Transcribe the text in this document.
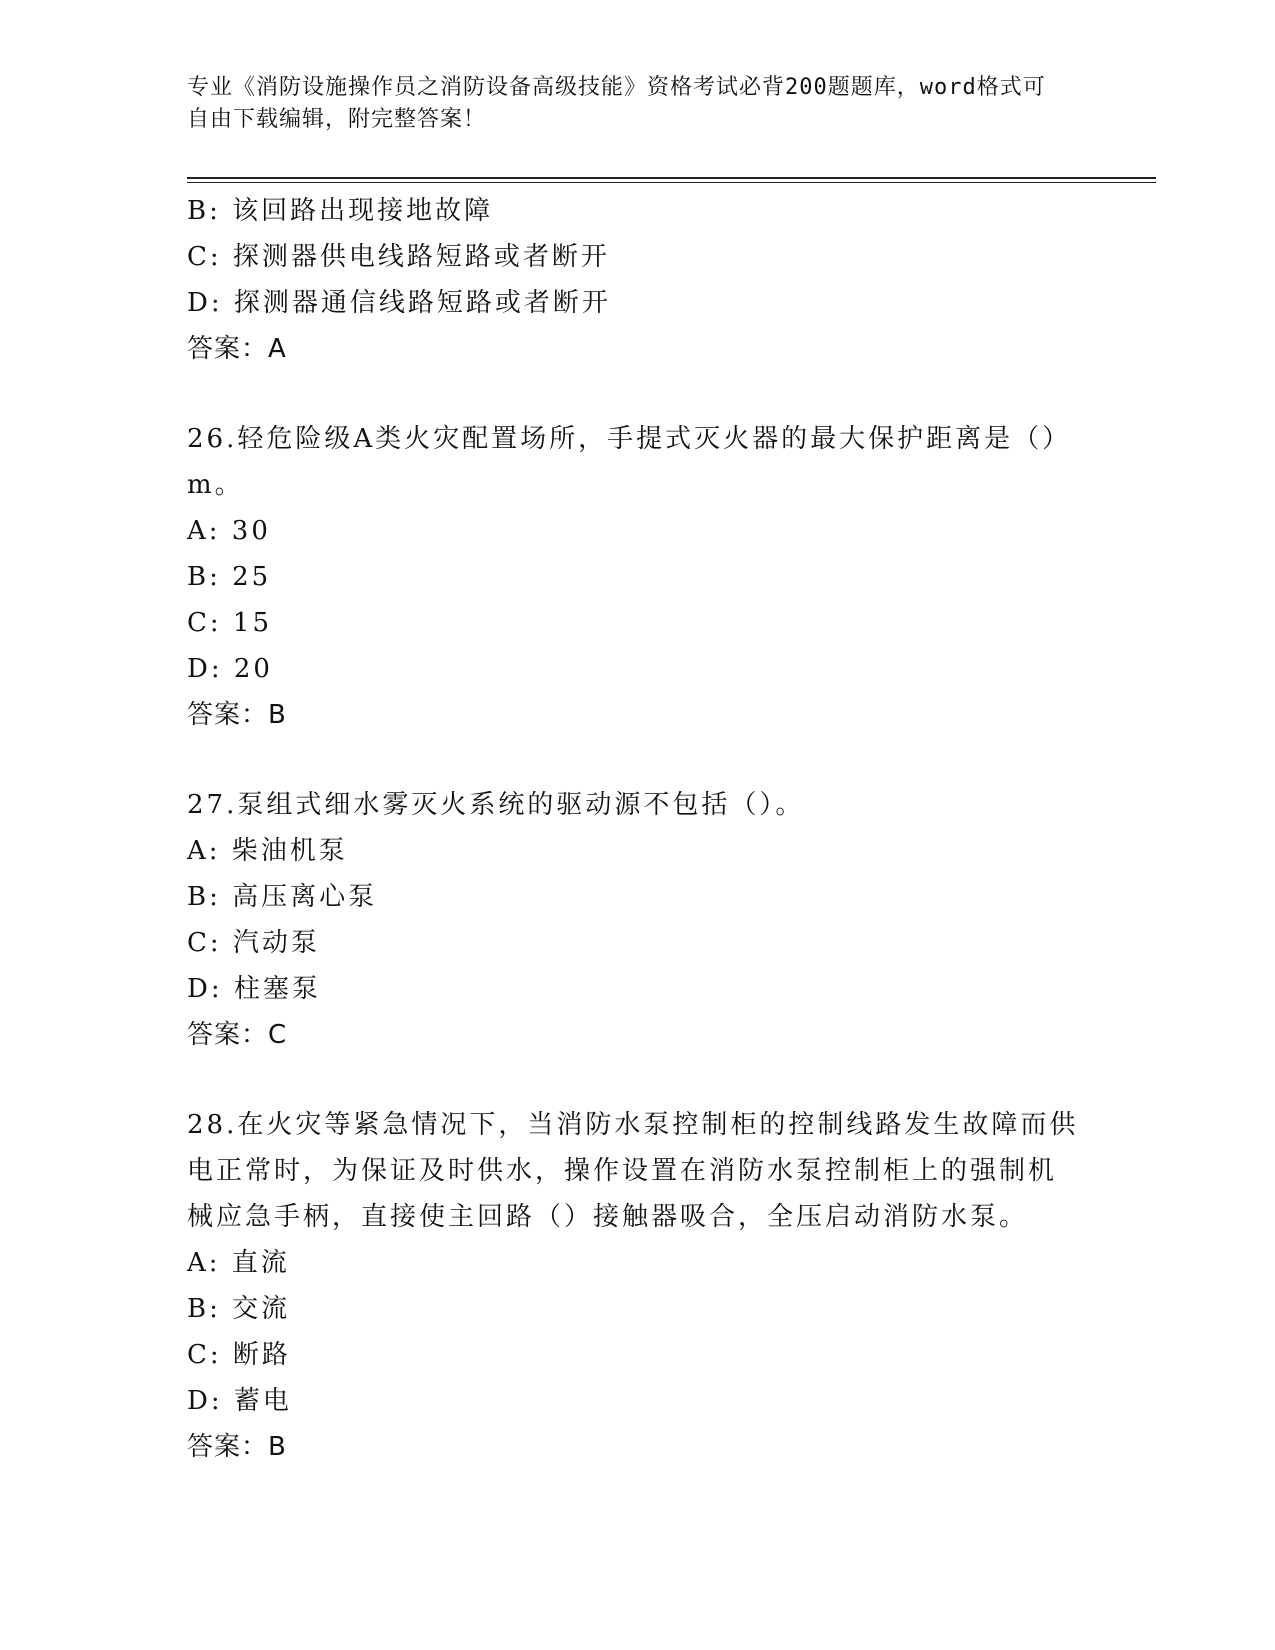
专业《消防设施操作员之消防设备高级技能》资格考试必背200题题库，word格式可自由下载编辑，附完整答案！
B: 该回路出现接地故障
C: 探测器供电线路短路或者断开
D: 探测器通信线路短路或者断开
答案：A
26.轻危险级A类火灾配置场所，手提式灭火器的最大保护距离是（）
m。
A: 30
B: 25
C: 15
D: 20
答案：B
27.泵组式细水雾灭火系统的驱动源不包括（）。
A: 柴油机泵
B: 高压离心泵
C: 汽动泵
D: 柱塞泵
答案：C
28.在火灾等紧急情况下，当消防水泵控制柜的控制线路发生故障而供
电正常时，为保证及时供水，操作设置在消防水泵控制柜上的强制机
械应急手柄，直接使主回路（）接触器吸合，全压启动消防水泵。
A: 直流
B: 交流
C: 断路
D: 蓄电
答案：B
